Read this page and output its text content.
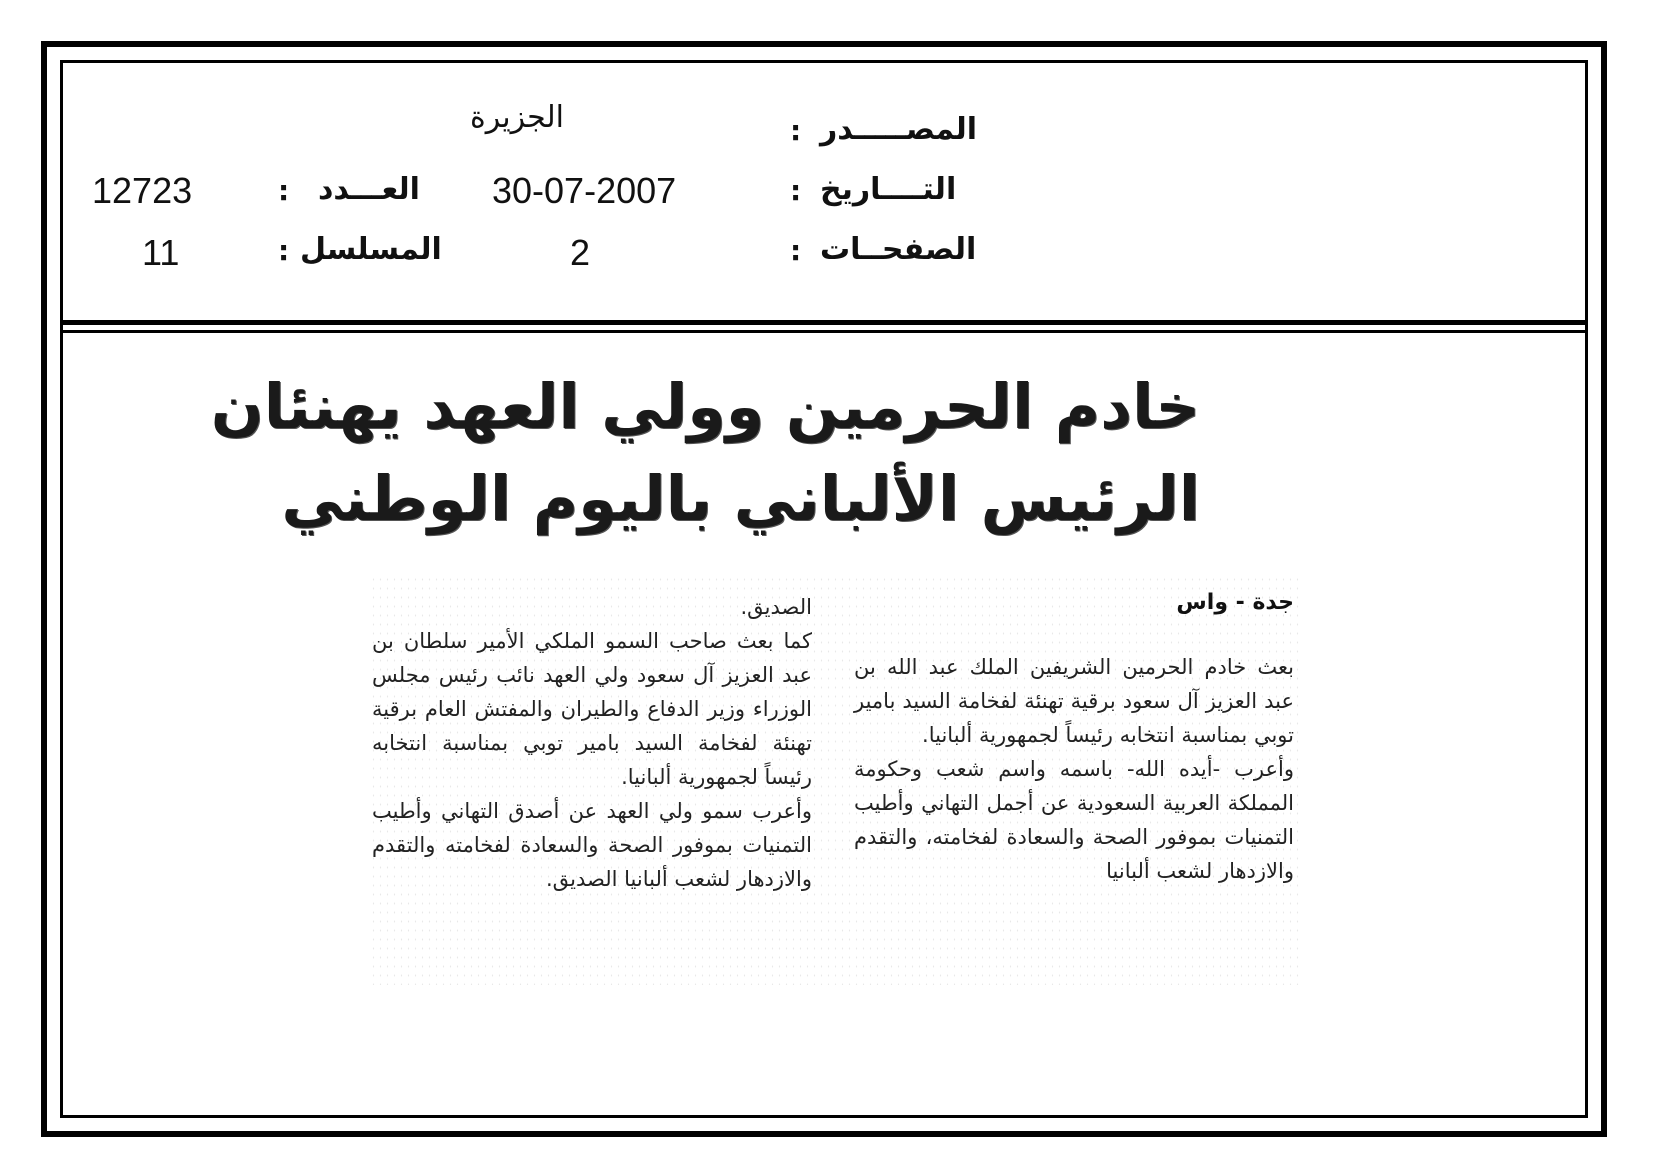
المصـــــدر
:
الجزيرة
التــــاريخ
:
30-07-2007
العـــدد
:
12723
الصفحــات
:
2
المسلسل
:
11
خادم الحرمين وولي العهد يهنئان
الرئيس الألباني باليوم الوطني
جدة - واس

بعث خادم الحرمين الشريفين الملك عبد الله بن عبد العزيز آل سعود برقية تهنئة لفخامة السيد بامير توبي بمناسبة انتخابه رئيساً لجمهورية ألبانيا.

وأعرب -أيده الله- باسمه واسم شعب وحكومة المملكة العربية السعودية عن أجمل التهاني وأطيب التمنيات بموفور الصحة والسعادة لفخامته، والتقدم والازدهار لشعب ألبانيا

الصديق.

كما بعث صاحب السمو الملكي الأمير سلطان بن عبد العزيز آل سعود ولي العهد نائب رئيس مجلس الوزراء وزير الدفاع والطيران والمفتش العام برقية تهنئة لفخامة السيد بامير توبي بمناسبة انتخابه رئيساً لجمهورية ألبانيا.

وأعرب سمو ولي العهد عن أصدق التهاني وأطيب التمنيات بموفور الصحة والسعادة لفخامته والتقدم والازدهار لشعب ألبانيا الصديق.
